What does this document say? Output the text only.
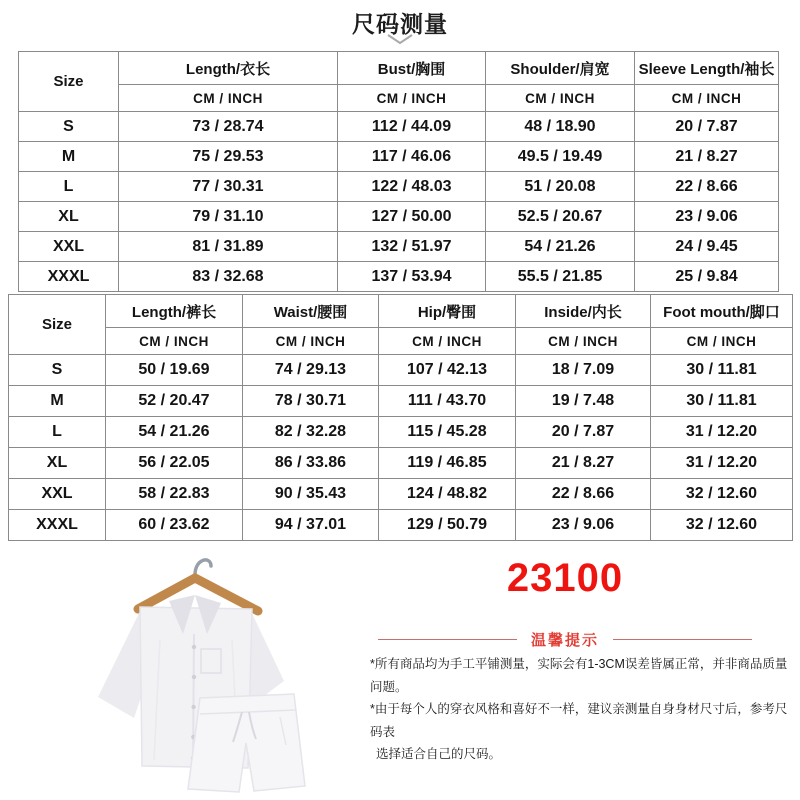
尺码测量
Size	Length/衣长	Bust/胸围	Shoulder/肩宽	Sleeve Length/袖长
	CM / INCH	CM / INCH	CM / INCH	CM / INCH
S	73 / 28.74	112 / 44.09	48 / 18.90	20 / 7.87
M	75 / 29.53	117 / 46.06	49.5 / 19.49	21 / 8.27
L	77 / 30.31	122 / 48.03	51 / 20.08	22 / 8.66
XL	79 / 31.10	127 / 50.00	52.5 / 20.67	23 / 9.06
XXL	81 / 31.89	132 / 51.97	54 / 21.26	24 / 9.45
XXXL	83 / 32.68	137 / 53.94	55.5 / 21.85	25 / 9.84
Size	Length/裤长	Waist/腰围	Hip/臀围	Inside/内长	Foot mouth/脚口
	CM / INCH	CM / INCH	CM / INCH	CM / INCH	CM / INCH
S	50 / 19.69	74 / 29.13	107 / 42.13	18 / 7.09	30 / 11.81
M	52 / 20.47	78 / 30.71	111 / 43.70	19 / 7.48	30 / 11.81
L	54 / 21.26	82 / 32.28	115 / 45.28	20 / 7.87	31 / 12.20
XL	56 / 22.05	86 / 33.86	119 / 46.85	21 / 8.27	31 / 12.20
XXL	58 / 22.83	90 / 35.43	124 / 48.82	22 / 8.66	32 / 12.60
XXXL	60 / 23.62	94 / 37.01	129 / 50.79	23 / 9.06	32 / 12.60
23100
温馨提示
*所有商品均为手工平铺测量，实际会有1-3CM误差皆属正常，并非商品质量问题。
*由于每个人的穿衣风格和喜好不一样，建议亲测量自身身材尺寸后，参考尺码表
选择适合自己的尺码。
